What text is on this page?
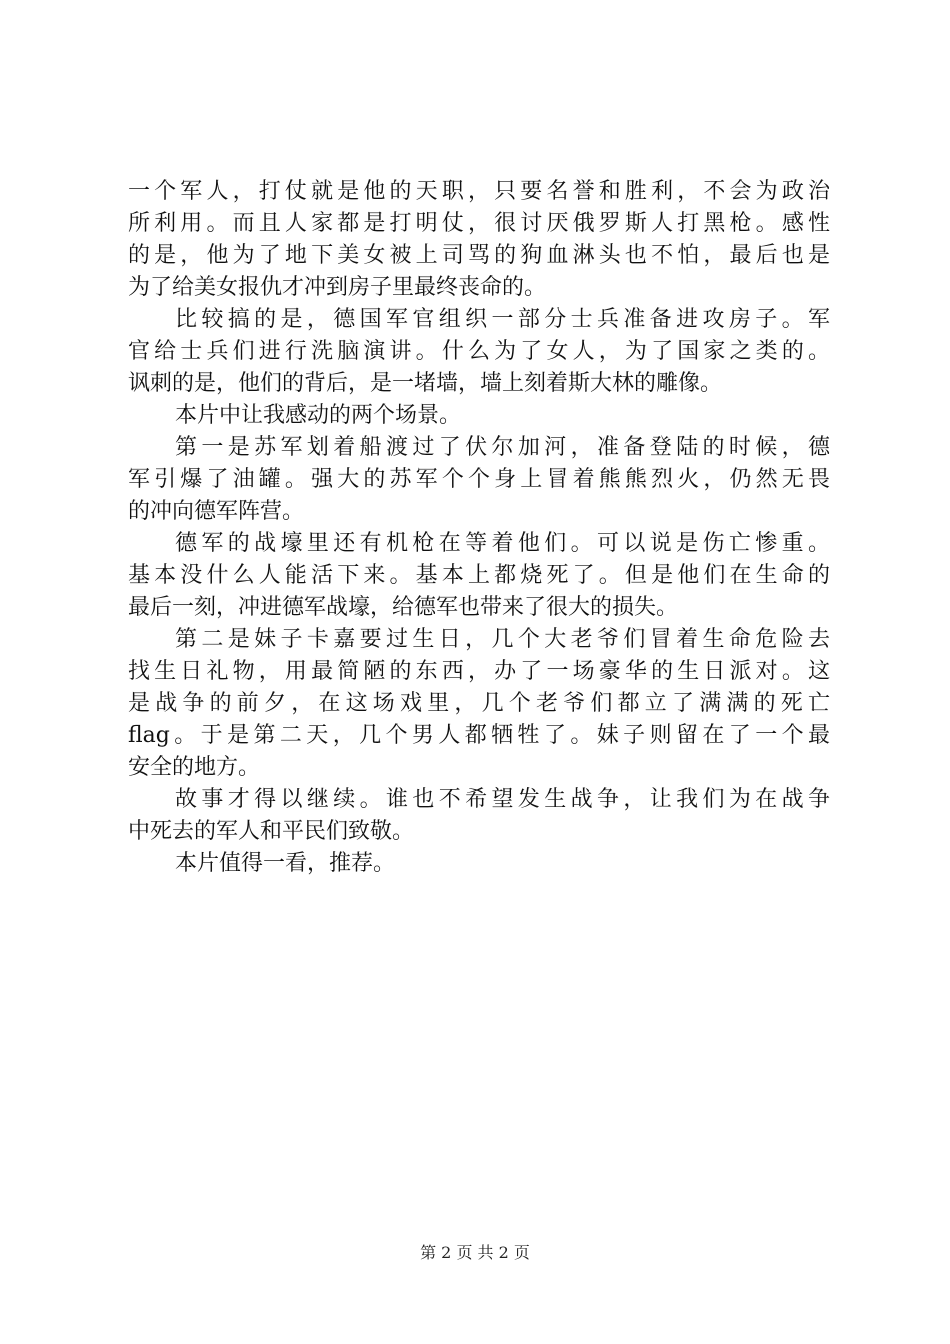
一个军人，打仗就是他的天职，只要名誉和胜利，不会为政治
所利用。而且人家都是打明仗，很讨厌俄罗斯人打黑枪。感性
的是，他为了地下美女被上司骂的狗血淋头也不怕，最后也是
为了给美女报仇才冲到房子里最终丧命的。
比较搞的是，德国军官组织一部分士兵准备进攻房子。军
官给士兵们进行洗脑演讲。什么为了女人，为了国家之类的。
讽刺的是，他们的背后，是一堵墙，墙上刻着斯大林的雕像。
本片中让我感动的两个场景。
第一是苏军划着船渡过了伏尔加河，准备登陆的时候，德
军引爆了油罐。强大的苏军个个身上冒着熊熊烈火，仍然无畏
的冲向德军阵营。
德军的战壕里还有机枪在等着他们。可以说是伤亡惨重。
基本没什么人能活下来。基本上都烧死了。但是他们在生命的
最后一刻，冲进德军战壕，给德军也带来了很大的损失。
第二是妹子卡嘉要过生日，几个大老爷们冒着生命危险去
找生日礼物，用最简陋的东西，办了一场豪华的生日派对。这
是战争的前夕，在这场戏里，几个老爷们都立了满满的死亡
flag。于是第二天，几个男人都牺牲了。妹子则留在了一个最
安全的地方。
故事才得以继续。谁也不希望发生战争，让我们为在战争
中死去的军人和平民们致敬。
本片值得一看，推荐。
第 2 页 共 2 页
